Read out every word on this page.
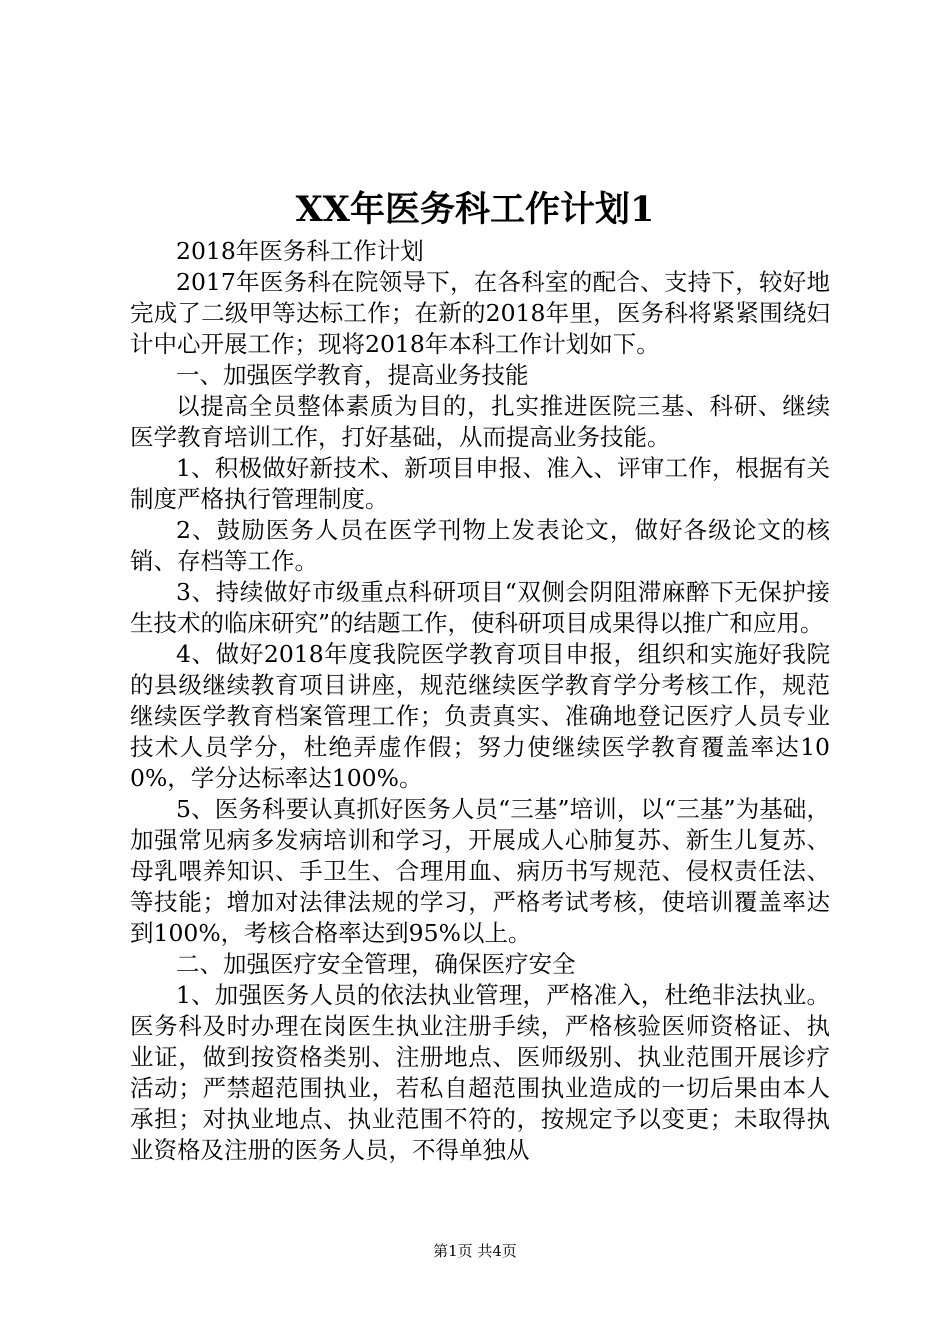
XX年医务科工作计划1

2018年医务科工作计划

2017年医务科在院领导下，在各科室的配合、支持下，较好地完成了二级甲等达标工作；在新的2018年里，医务科将紧紧围绕妇计中心开展工作；现将2018年本科工作计划如下。

一、加强医学教育，提高业务技能

以提高全员整体素质为目的，扎实推进医院三基、科研、继续医学教育培训工作，打好基础，从而提高业务技能。

1、积极做好新技术、新项目申报、准入、评审工作，根据有关制度严格执行管理制度。

2、鼓励医务人员在医学刊物上发表论文，做好各级论文的核销、存档等工作。

3、持续做好市级重点科研项目“双侧会阴阻滞麻醉下无保护接生技术的临床研究”的结题工作，使科研项目成果得以推广和应用。

4、做好2018年度我院医学教育项目申报，组织和实施好我院的县级继续教育项目讲座，规范继续医学教育学分考核工作，规范继续医学教育档案管理工作；负责真实、准确地登记医疗人员专业技术人员学分，杜绝弄虚作假；努力使继续医学教育覆盖率达100%，学分达标率达100%。

5、医务科要认真抓好医务人员“三基”培训，以“三基”为基础，加强常见病多发病培训和学习，开展成人心肺复苏、新生儿复苏、母乳喂养知识、手卫生、合理用血、病历书写规范、侵权责任法、等技能；增加对法律法规的学习，严格考试考核，使培训覆盖率达到100%，考核合格率达到95%以上。

二、加强医疗安全管理，确保医疗安全

1、加强医务人员的依法执业管理，严格准入，杜绝非法执业。医务科及时办理在岗医生执业注册手续，严格核验医师资格证、执业证，做到按资格类别、注册地点、医师级别、执业范围开展诊疗活动；严禁超范围执业，若私自超范围执业造成的一切后果由本人承担；对执业地点、执业范围不符的，按规定予以变更；未取得执业资格及注册的医务人员，不得单独从

第1页 共4页
